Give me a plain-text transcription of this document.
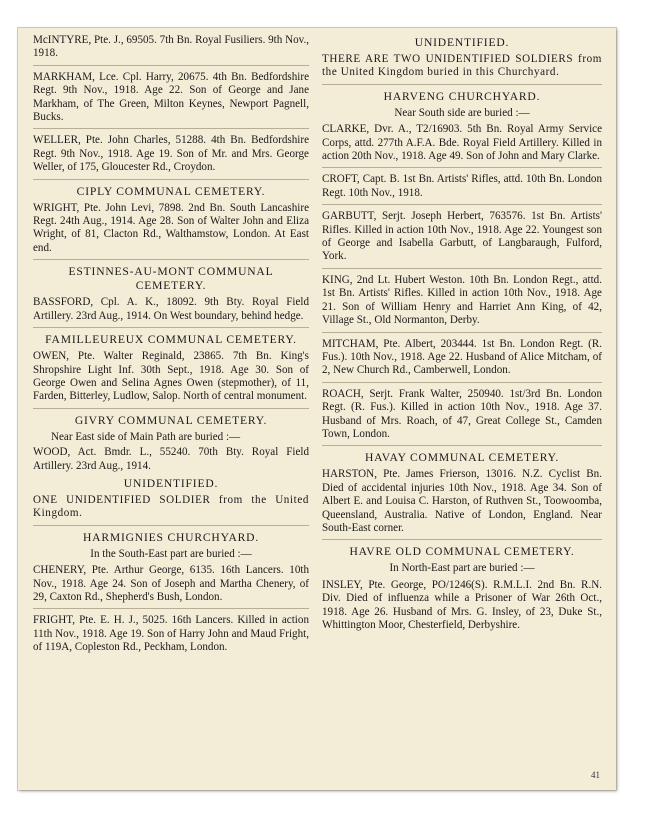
McINTYRE, Pte. J., 69505. 7th Bn. Royal Fusiliers. 9th Nov., 1918.
MARKHAM, Lce. Cpl. Harry, 20675. 4th Bn. Bedfordshire Regt. 9th Nov., 1918. Age 22. Son of George and Jane Markham, of The Green, Milton Keynes, Newport Pagnell, Bucks.
WELLER, Pte. John Charles, 51288. 4th Bn. Bedfordshire Regt. 9th Nov., 1918. Age 19. Son of Mr. and Mrs. George Weller, of 175, Gloucester Rd., Croydon.
CIPLY COMMUNAL CEMETERY.
WRIGHT, Pte. John Levi, 7898. 2nd Bn. South Lancashire Regt. 24th Aug., 1914. Age 28. Son of Walter John and Eliza Wright, of 81, Clacton Rd., Walthamstow, London. At East end.
ESTINNES-AU-MONT COMMUNAL CEMETERY.
BASSFORD, Cpl. A. K., 18092. 9th Bty. Royal Field Artillery. 23rd Aug., 1914. On West boundary, behind hedge.
FAMILLEUREUX COMMUNAL CEMETERY.
OWEN, Pte. Walter Reginald, 23865. 7th Bn. King's Shropshire Light Inf. 30th Sept., 1918. Age 30. Son of George Owen and Selina Agnes Owen (stepmother), of 11, Farden, Bitterley, Ludlow, Salop. North of central monument.
GIVRY COMMUNAL CEMETERY.
Near East side of Main Path are buried :—
WOOD, Act. Bmdr. L., 55240. 70th Bty. Royal Field Artillery. 23rd Aug., 1914.
UNIDENTIFIED.
ONE UNIDENTIFIED SOLDIER from the United Kingdom.
HARMIGNIES CHURCHYARD.
In the South-East part are buried :—
CHENERY, Pte. Arthur George, 6135. 16th Lancers. 10th Nov., 1918. Age 24. Son of Joseph and Martha Chenery, of 29, Caxton Rd., Shepherd's Bush, London.
FRIGHT, Pte. E. H. J., 5025. 16th Lancers. Killed in action 11th Nov., 1918. Age 19. Son of Harry John and Maud Fright, of 119A, Copleston Rd., Peckham, London.
UNIDENTIFIED.
THERE ARE TWO UNIDENTIFIED SOLDIERS from the United Kingdom buried in this Churchyard.
HARVENG CHURCHYARD.
Near South side are buried :—
CLARKE, Dvr. A., T2/16903. 5th Bn. Royal Army Service Corps, attd. 277th A.F.A. Bde. Royal Field Artillery. Killed in action 20th Nov., 1918. Age 49. Son of John and Mary Clarke.
CROFT, Capt. B. 1st Bn. Artists' Rifles, attd. 10th Bn. London Regt. 10th Nov., 1918.
GARBUTT, Serjt. Joseph Herbert, 763576. 1st Bn. Artists' Rifles. Killed in action 10th Nov., 1918. Age 22. Youngest son of George and Isabella Garbutt, of Langbaraugh, Fulford, York.
KING, 2nd Lt. Hubert Weston. 10th Bn. London Regt., attd. 1st Bn. Artists' Rifles. Killed in action 10th Nov., 1918. Age 21. Son of William Henry and Harriet Ann King, of 42, Village St., Old Normanton, Derby.
MITCHAM, Pte. Albert, 203444. 1st Bn. London Regt. (R. Fus.). 10th Nov., 1918. Age 22. Husband of Alice Mitcham, of 2, New Church Rd., Camberwell, London.
ROACH, Serjt. Frank Walter, 250940. 1st/3rd Bn. London Regt. (R. Fus.). Killed in action 10th Nov., 1918. Age 37. Husband of Mrs. Roach, of 47, Great College St., Camden Town, London.
HAVAY COMMUNAL CEMETERY.
HARSTON, Pte. James Frierson, 13016. N.Z. Cyclist Bn. Died of accidental injuries 10th Nov., 1918. Age 34. Son of Albert E. and Louisa C. Harston, of Ruthven St., Toowoomba, Queensland, Australia. Native of London, England. Near South-East corner.
HAVRE OLD COMMUNAL CEMETERY.
In North-East part are buried :—
INSLEY, Pte. George, PO/1246(S). R.M.L.I. 2nd Bn. R.N. Div. Died of influenza while a Prisoner of War 26th Oct., 1918. Age 26. Husband of Mrs. G. Insley, of 23, Duke St., Whittington Moor, Chesterfield, Derbyshire.
41
